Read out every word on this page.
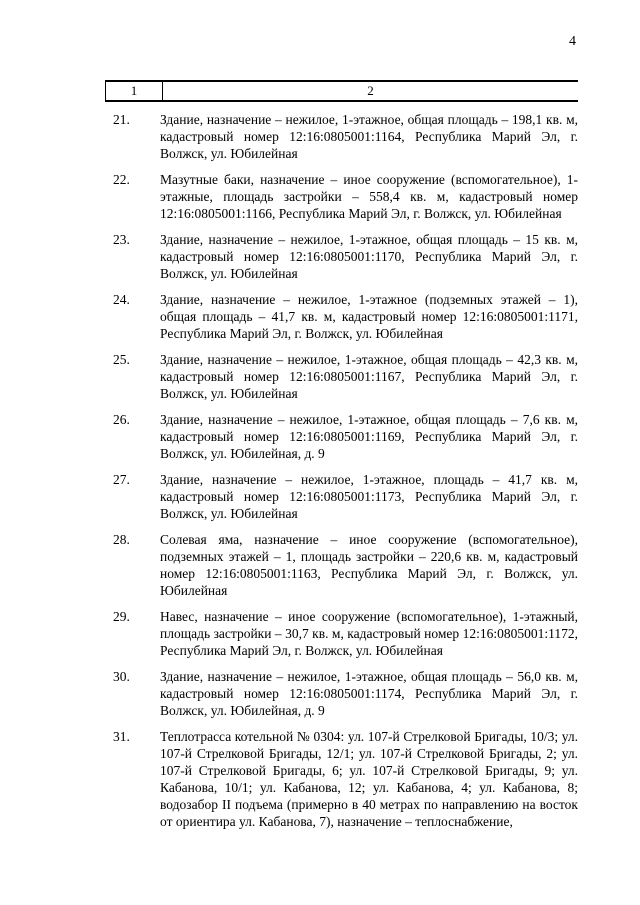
4
1	2
21.	Здание, назначение – нежилое, 1-этажное, общая площадь – 198,1 кв. м, кадастровый номер 12:16:0805001:1164, Республика Марий Эл, г. Волжск, ул. Юбилейная
22.	Мазутные баки, назначение – иное сооружение (вспомогательное), 1-этажные, площадь застройки – 558,4 кв. м, кадастровый номер 12:16:0805001:1166, Республика Марий Эл, г. Волжск, ул. Юбилейная
23.	Здание, назначение – нежилое, 1-этажное, общая площадь – 15 кв. м, кадастровый номер 12:16:0805001:1170, Республика Марий Эл, г. Волжск, ул. Юбилейная
24.	Здание, назначение – нежилое, 1-этажное (подземных этажей – 1), общая площадь – 41,7 кв. м, кадастровый номер 12:16:0805001:1171, Республика Марий Эл, г. Волжск, ул. Юбилейная
25.	Здание, назначение – нежилое, 1-этажное, общая площадь – 42,3 кв. м, кадастровый номер 12:16:0805001:1167, Республика Марий Эл, г. Волжск, ул. Юбилейная
26.	Здание, назначение – нежилое, 1-этажное, общая площадь – 7,6 кв. м, кадастровый номер 12:16:0805001:1169, Республика Марий Эл, г. Волжск, ул. Юбилейная, д. 9
27.	Здание, назначение – нежилое, 1-этажное, площадь – 41,7 кв. м, кадастровый номер 12:16:0805001:1173, Республика Марий Эл, г. Волжск, ул. Юбилейная
28.	Солевая яма, назначение – иное сооружение (вспомогательное), подземных этажей – 1, площадь застройки – 220,6 кв. м, кадастровый номер 12:16:0805001:1163, Республика Марий Эл, г. Волжск, ул. Юбилейная
29.	Навес, назначение – иное сооружение (вспомогательное), 1-этажный, площадь застройки – 30,7 кв. м, кадастровый номер 12:16:0805001:1172, Республика Марий Эл, г. Волжск, ул. Юбилейная
30.	Здание, назначение – нежилое, 1-этажное, общая площадь – 56,0 кв. м, кадастровый номер 12:16:0805001:1174, Республика Марий Эл, г. Волжск, ул. Юбилейная, д. 9
31.	Теплотрасса котельной № 0304: ул. 107-й Стрелковой Бригады, 10/3; ул. 107-й Стрелковой Бригады, 12/1; ул. 107-й Стрелковой Бригады, 2; ул. 107-й Стрелковой Бригады, 6; ул. 107-й Стрелковой Бригады, 9; ул. Кабанова, 10/1; ул. Кабанова, 12; ул. Кабанова, 4; ул. Кабанова, 8; водозабор II подъема (примерно в 40 метрах по направлению на восток от ориентира ул. Кабанова, 7), назначение – теплоснабжение,
